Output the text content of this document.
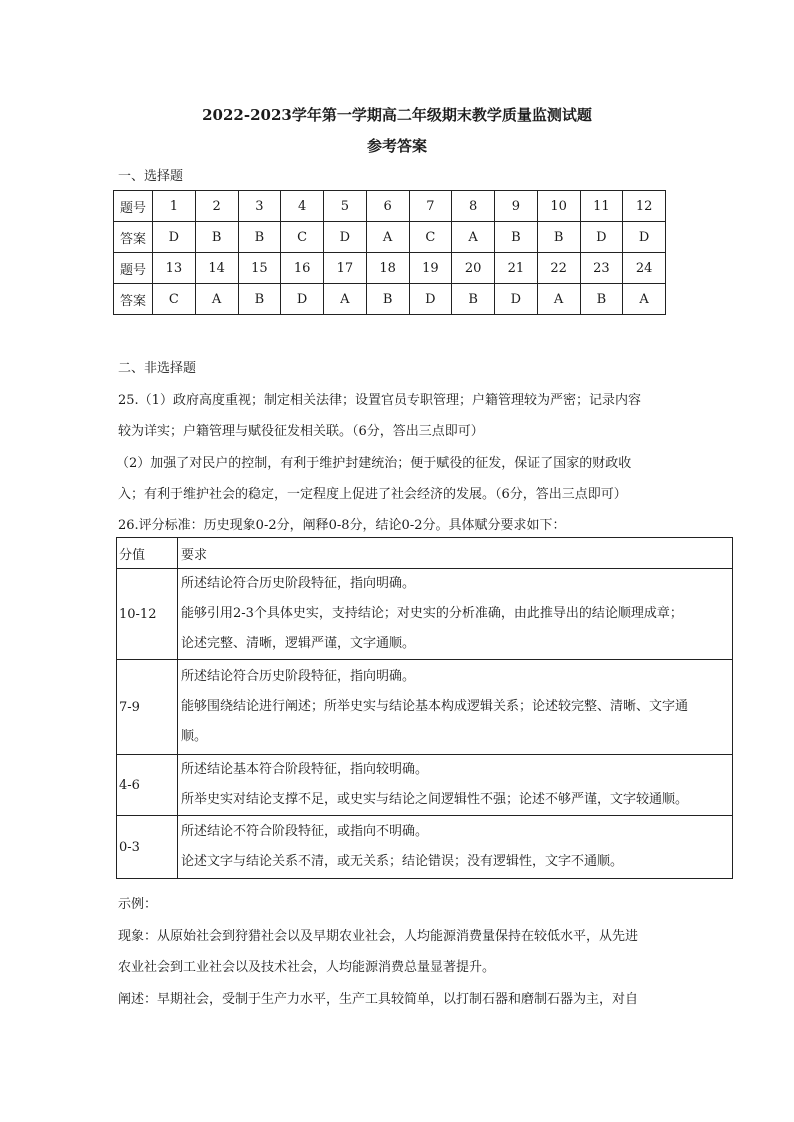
2022-2023学年第一学期高二年级期末教学质量监测试题
参考答案
一、选择题
题号	1	2	3	4	5	6	7	8	9	10	11	12
答案	D	B	B	C	D	A	C	A	B	B	D	D
题号	13	14	15	16	17	18	19	20	21	22	23	24
答案	C	A	B	D	A	B	D	B	D	A	B	A
二、非选择题
25.（1）政府高度重视；制定相关法律；设置官员专职管理；户籍管理较为严密；记录内容
较为详实；户籍管理与赋役征发相关联。（6分，答出三点即可）
（2）加强了对民户的控制，有利于维护封建统治；便于赋役的征发，保证了国家的财政收
入；有利于维护社会的稳定，一定程度上促进了社会经济的发展。（6分，答出三点即可）
26.评分标准：历史现象0-2分，阐释0-8分，结论0-2分。具体赋分要求如下：
分值	要求
10-12	所述结论符合历史阶段特征，指向明确。
能够引用2-3个具体史实，支持结论；对史实的分析准确，由此推导出的结论顺理成章；
论述完整、清晰，逻辑严谨，文字通顺。

7-9	所述结论符合历史阶段特征，指向明确。
能够围绕结论进行阐述；所举史实与结论基本构成逻辑关系；论述较完整、清晰、文字通
顺。

4-6	所述结论基本符合阶段特征，指向较明确。
所举史实对结论支撑不足，或史实与结论之间逻辑性不强；论述不够严谨，文字较通顺。

0-3	所述结论不符合阶段特征，或指向不明确。
论述文字与结论关系不清，或无关系；结论错误；没有逻辑性，文字不通顺。
示例：
现象：从原始社会到狩猎社会以及早期农业社会，人均能源消费量保持在较低水平，从先进
农业社会到工业社会以及技术社会，人均能源消费总量显著提升。
阐述：早期社会，受制于生产力水平，生产工具较简单，以打制石器和磨制石器为主，对自
